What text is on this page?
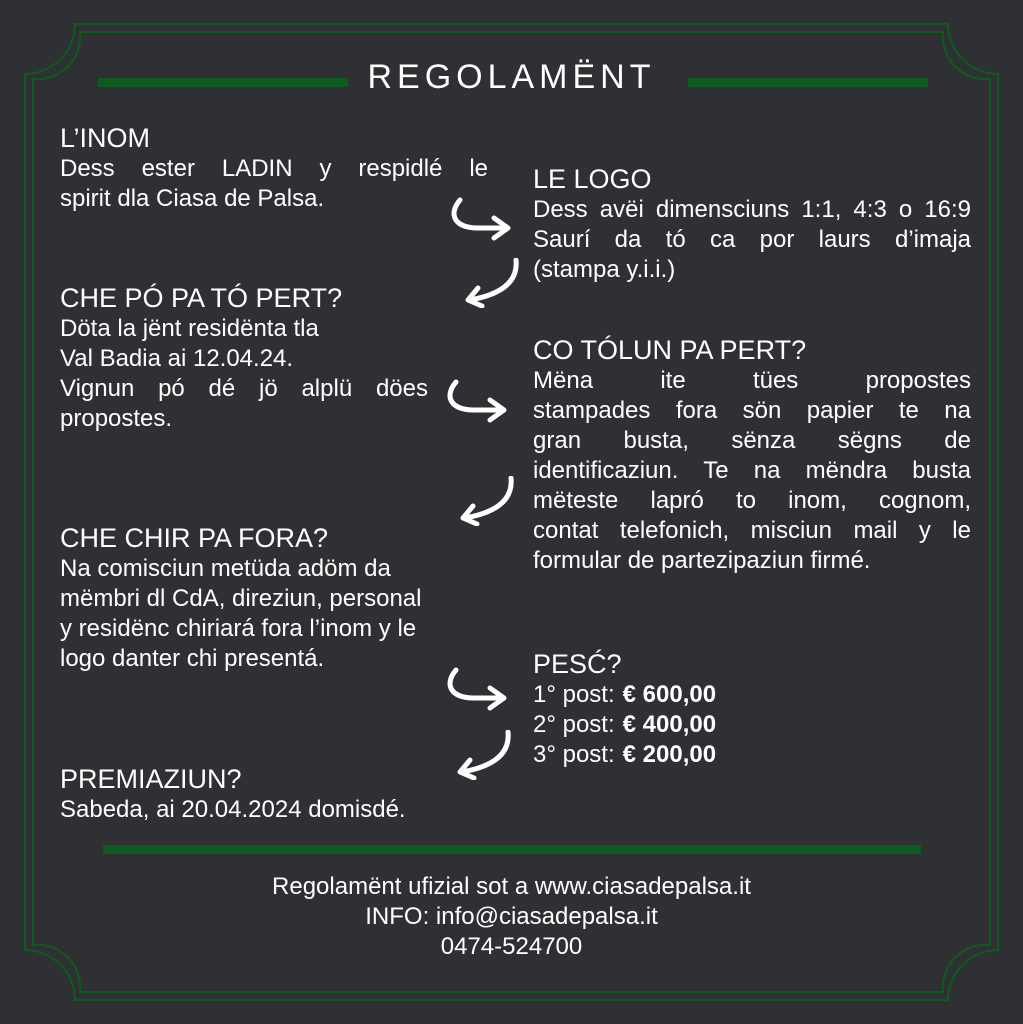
REGOLAMËNT
L’INOM
Dess ester LADIN y respidlé le
spirit dla Ciasa de Palsa.
LE LOGO
Dess avëi dimensciuns 1:1, 4:3 o 16:9
Saurí da tó ca por laurs d’imaja
(stampa y.i.i.)
CHE PÓ PA TÓ PERT?
Döta la jënt residënta tla
Val Badia ai 12.04.24.
Vignun pó dé jö alplü döes
propostes.
CO TÓLUN PA PERT?
Mëna ite tües propostes
stampades fora sön papier te na
gran busta, sënza sëgns de
identificaziun. Te na mëndra busta
mëteste lapró to inom, cognom,
contat telefonich, misciun mail y le
formular de partezipaziun firmé.
CHE CHIR PA FORA?
Na comisciun metüda adöm da
mëmbri dl CdA, direziun, personal
y residënc chiriará fora l’inom y le
logo danter chi presentá.	PESĆ?
1° post: € 600,00
2° post: € 400,00
3° post: € 200,00
PREMIAZIUN?
Sabeda, ai 20.04.2024 domisdé.
Regolamënt ufizial sot a www.ciasadepalsa.it
INFO: info@ciasadepalsa.it
0474-524700
